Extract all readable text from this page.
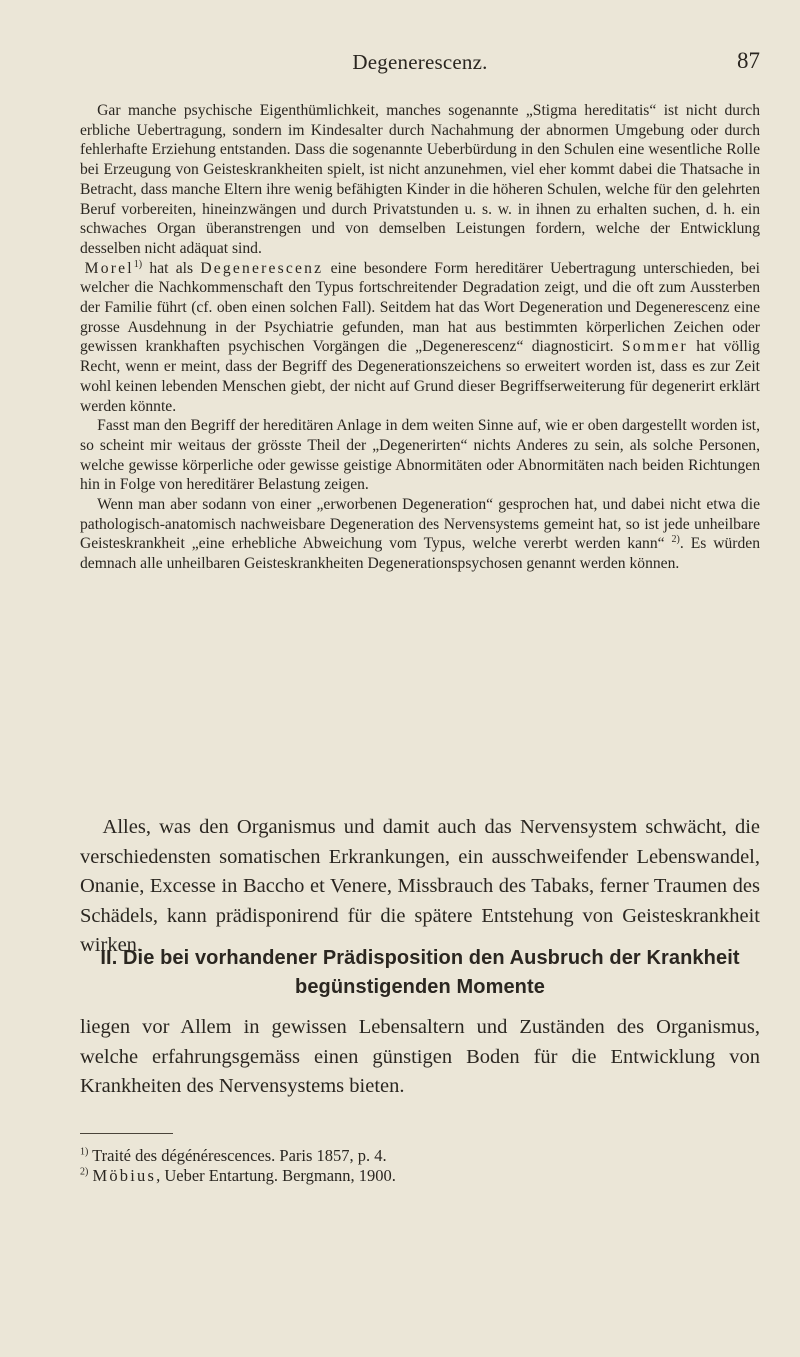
Degenerescenz.	87

Gar manche psychische Eigenthümlichkeit, manches sogenannte „Stigma hereditatis“ ist nicht durch erbliche Uebertragung, sondern im Kindesalter durch Nachahmung der abnormen Umgebung oder durch fehlerhafte Erziehung entstanden. Dass die sogenannte Ueberbürdung in den Schulen eine wesentliche Rolle bei Erzeugung von Geisteskrankheiten spielt, ist nicht anzunehmen, viel eher kommt dabei die Thatsache in Betracht, dass manche Eltern ihre wenig befähigten Kinder in die höheren Schulen, welche für den gelehrten Beruf vorbereiten, hineinzwängen und durch Privatstunden u. s. w. in ihnen zu erhalten suchen, d. h. ein schwaches Organ überanstrengen und von demselben Leistungen fordern, welche der Entwicklung desselben nicht adäquat sind.

Morel$^{1)}$ hat als Degenerescenz eine besondere Form hereditärer Uebertragung unterschieden, bei welcher die Nachkommenschaft den Typus fortschreitender Degradation zeigt, und die oft zum Aussterben der Familie führt (cf. oben einen solchen Fall). Seitdem hat das Wort Degeneration und Degenerescenz eine grosse Ausdehnung in der Psychiatrie gefunden, man hat aus bestimmten körperlichen Zeichen oder gewissen krankhaften psychischen Vorgängen die „Degenerescenz“ diagnosticirt. Sommer hat völlig Recht, wenn er meint, dass der Begriff des Degenerationszeichens so erweitert worden ist, dass es zur Zeit wohl keinen lebenden Menschen giebt, der nicht auf Grund dieser Begriffserweiterung für degenerirt erklärt werden könnte.

Fasst man den Begriff der hereditären Anlage in dem weiten Sinne auf, wie er oben dargestellt worden ist, so scheint mir weitaus der grösste Theil der „Degenerirten“ nichts Anderes zu sein, als solche Personen, welche gewisse körperliche oder gewisse geistige Abnormitäten oder Abnormitäten nach beiden Richtungen hin in Folge von hereditärer Belastung zeigen.

Wenn man aber sodann von einer „erworbenen Degeneration“ gesprochen hat, und dabei nicht etwa die pathologisch-anatomisch nachweisbare Degeneration des Nervensystems gemeint hat, so ist jede unheilbare Geisteskrankheit „eine erhebliche Abweichung vom Typus, welche vererbt werden kann“ $^{2)}$. Es würden demnach alle unheilbaren Geisteskrankheiten Degenerationspsychosen genannt werden können.

Alles, was den Organismus und damit auch das Nervensystem schwächt, die verschiedensten somatischen Erkrankungen, ein ausschweifender Lebenswandel, Onanie, Excesse in Baccho et Venere, Missbrauch des Tabaks, ferner Traumen des Schädels, kann prädisponirend für die spätere Entstehung von Geisteskrankheit wirken.

II. Die bei vorhandener Prädisposition den Ausbruch der Krankheit
begünstigenden Momente

liegen vor Allem in gewissen Lebensaltern und Zuständen des Organismus, welche erfahrungsgemäss einen günstigen Boden für die Entwicklung von Krankheiten des Nervensystems bieten.

$^{1)}$ Traité des dégénérescences. Paris 1857, p. 4.
$^{2)}$ Möbius, Ueber Entartung. Bergmann, 1900.
